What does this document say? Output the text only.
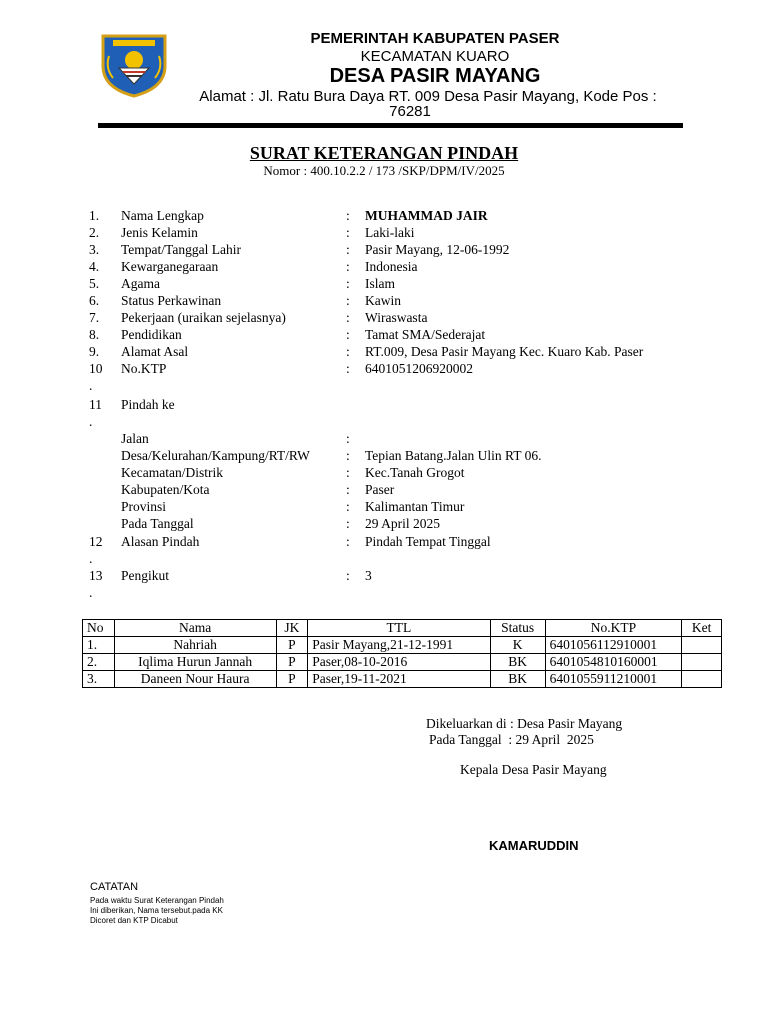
PEMERINTAH KABUPATEN PASER
KECAMATAN KUARO
DESA PASIR MAYANG
Alamat : Jl. Ratu Bura Daya RT. 009 Desa Pasir Mayang, Kode Pos :
76281
SURAT KETERANGAN PINDAH
Nomor : 400.10.2.2 / 173 /SKP/DPM/IV/2025
1. Nama Lengkap	: MUHAMMAD JAIR
2. Jenis Kelamin	: Laki-laki
3. Tempat/Tanggal Lahir	: Pasir Mayang, 12-06-1992
4. Kewarganegaraan	: Indonesia
5. Agama	: Islam
6. Status Perkawinan	: Kawin
7. Pekerjaan (uraikan sejelasnya)	: Wiraswasta
8. Pendidikan	: Tamat SMA/Sederajat
9. Alamat Asal	: RT.009, Desa Pasir Mayang Kec. Kuaro Kab. Paser
10 No.KTP	: 6401051206920002
.
11 Pindah ke
.
Jalan	:
Desa/Kelurahan/Kampung/RT/RW	: Tepian Batang.Jalan Ulin RT 06.
Kecamatan/Distrik	: Kec.Tanah Grogot
Kabupaten/Kota	: Paser
Provinsi	: Kalimantan Timur
Pada Tanggal	: 29 April 2025
12 Alasan Pindah	: Pindah Tempat Tinggal
.
13 Pengikut	: 3
.
No	Nama	JK	TTL	Status	No.KTP	Ket
1.	Nahriah	P	Pasir Mayang,21-12-1991	K	6401056112910001	
2.	Iqlima Hurun Jannah	P	Paser,08-10-2016	BK	6401054810160001	
3.	Daneen Nour Haura	P	Paser,19-11-2021	BK	6401055911210001	
Dikeluarkan di : Desa Pasir Mayang
Pada Tanggal  : 29 April  2025
Kepala Desa Pasir Mayang
KAMARUDDIN
CATATAN
Pada waktu Surat Keterangan Pindah
Ini diberikan, Nama tersebut.pada KK
Dicoret dan KTP Dicabut
